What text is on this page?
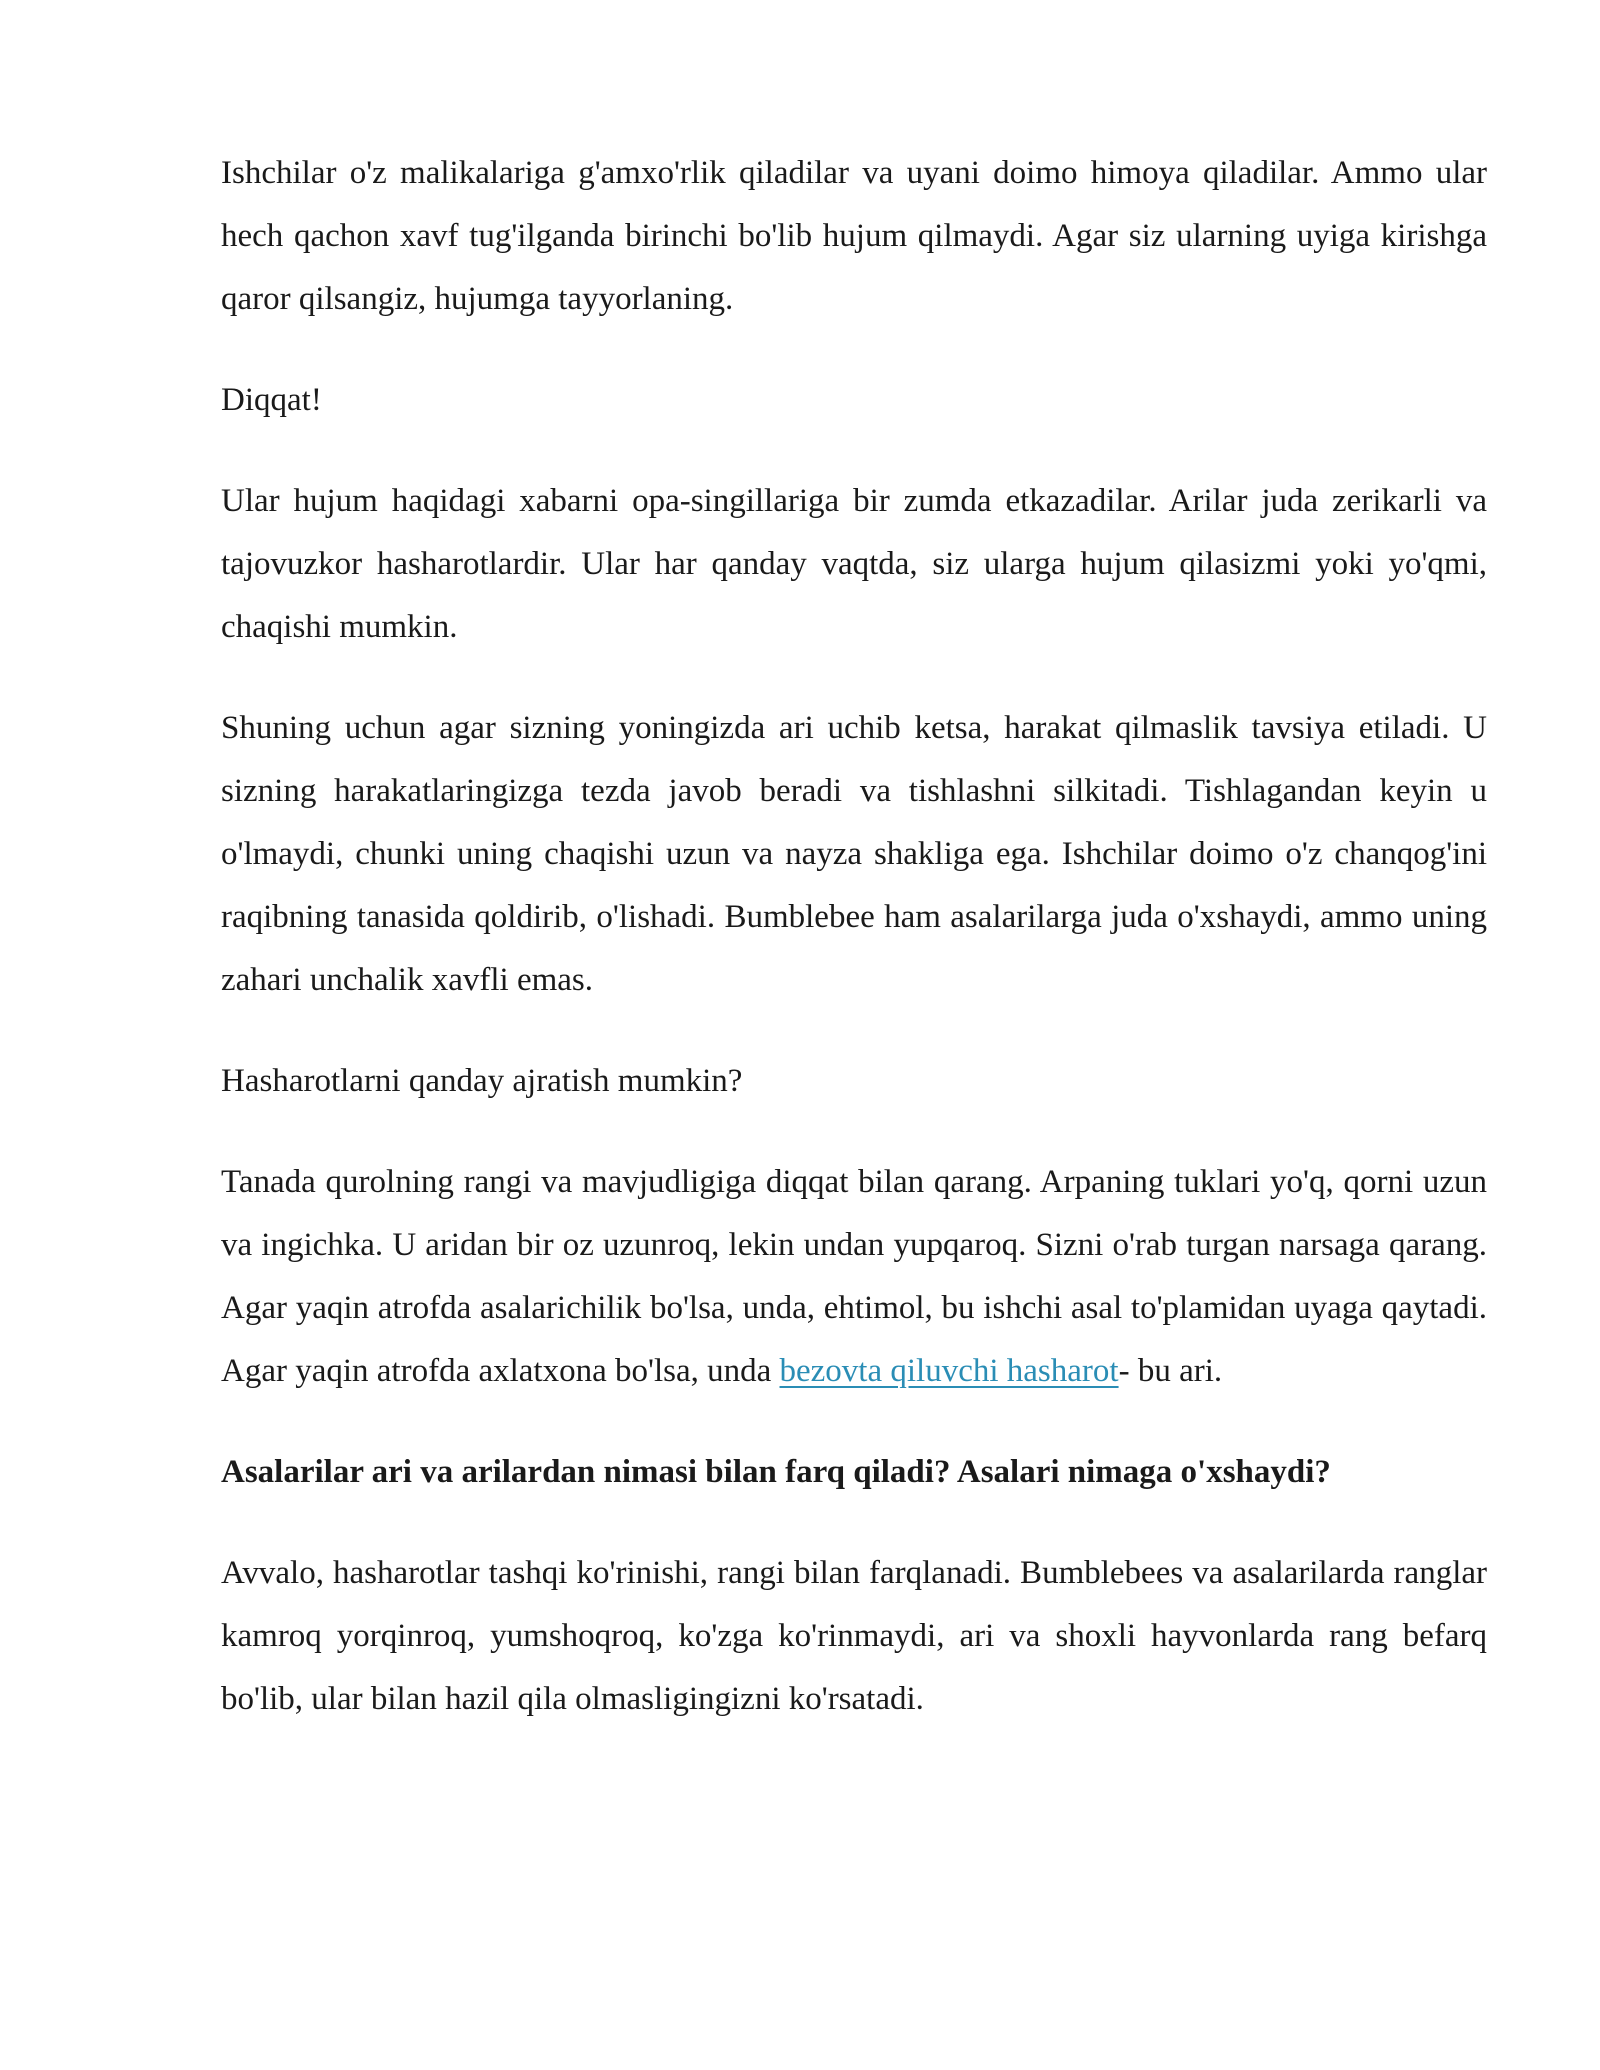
Ishchilar o'z malikalariga g'amxo'rlik qiladilar va uyani doimo himoya qiladilar. Ammo ular hech qachon xavf tug'ilganda birinchi bo'lib hujum qilmaydi. Agar siz ularning uyiga kirishga qaror qilsangiz, hujumga tayyorlaning.

Diqqat!

Ular hujum haqidagi xabarni opa-singillariga bir zumda etkazadilar. Arilar juda zerikarli va tajovuzkor hasharotlardir. Ular har qanday vaqtda, siz ularga hujum qilasizmi yoki yo'qmi, chaqishi mumkin.

Shuning uchun agar sizning yoningizda ari uchib ketsa, harakat qilmaslik tavsiya etiladi. U sizning harakatlaringizga tezda javob beradi va tishlashni silkitadi. Tishlagandan keyin u o'lmaydi, chunki uning chaqishi uzun va nayza shakliga ega. Ishchilar doimo o'z chanqog'ini raqibning tanasida qoldirib, o'lishadi. Bumblebee ham asalarilarga juda o'xshaydi, ammo uning zahari unchalik xavfli emas.

Hasharotlarni qanday ajratish mumkin?

Tanada qurolning rangi va mavjudligiga diqqat bilan qarang. Arpaning tuklari yo'q, qorni uzun va ingichka. U aridan bir oz uzunroq, lekin undan yupqaroq. Sizni o'rab turgan narsaga qarang. Agar yaqin atrofda asalarichilik bo'lsa, unda, ehtimol, bu ishchi asal to'plamidan uyaga qaytadi. Agar yaqin atrofda axlatxona bo'lsa, unda bezovta qiluvchi hasharot- bu ari.

Asalarilar ari va arilardan nimasi bilan farq qiladi? Asalari nimaga o'xshaydi?

Avvalo, hasharotlar tashqi ko'rinishi, rangi bilan farqlanadi. Bumblebees va asalarilarda ranglar kamroq yorqinroq, yumshoqroq, ko'zga ko'rinmaydi, ari va shoxli hayvonlarda rang befarq bo'lib, ular bilan hazil qila olmasligingizni ko'rsatadi.
